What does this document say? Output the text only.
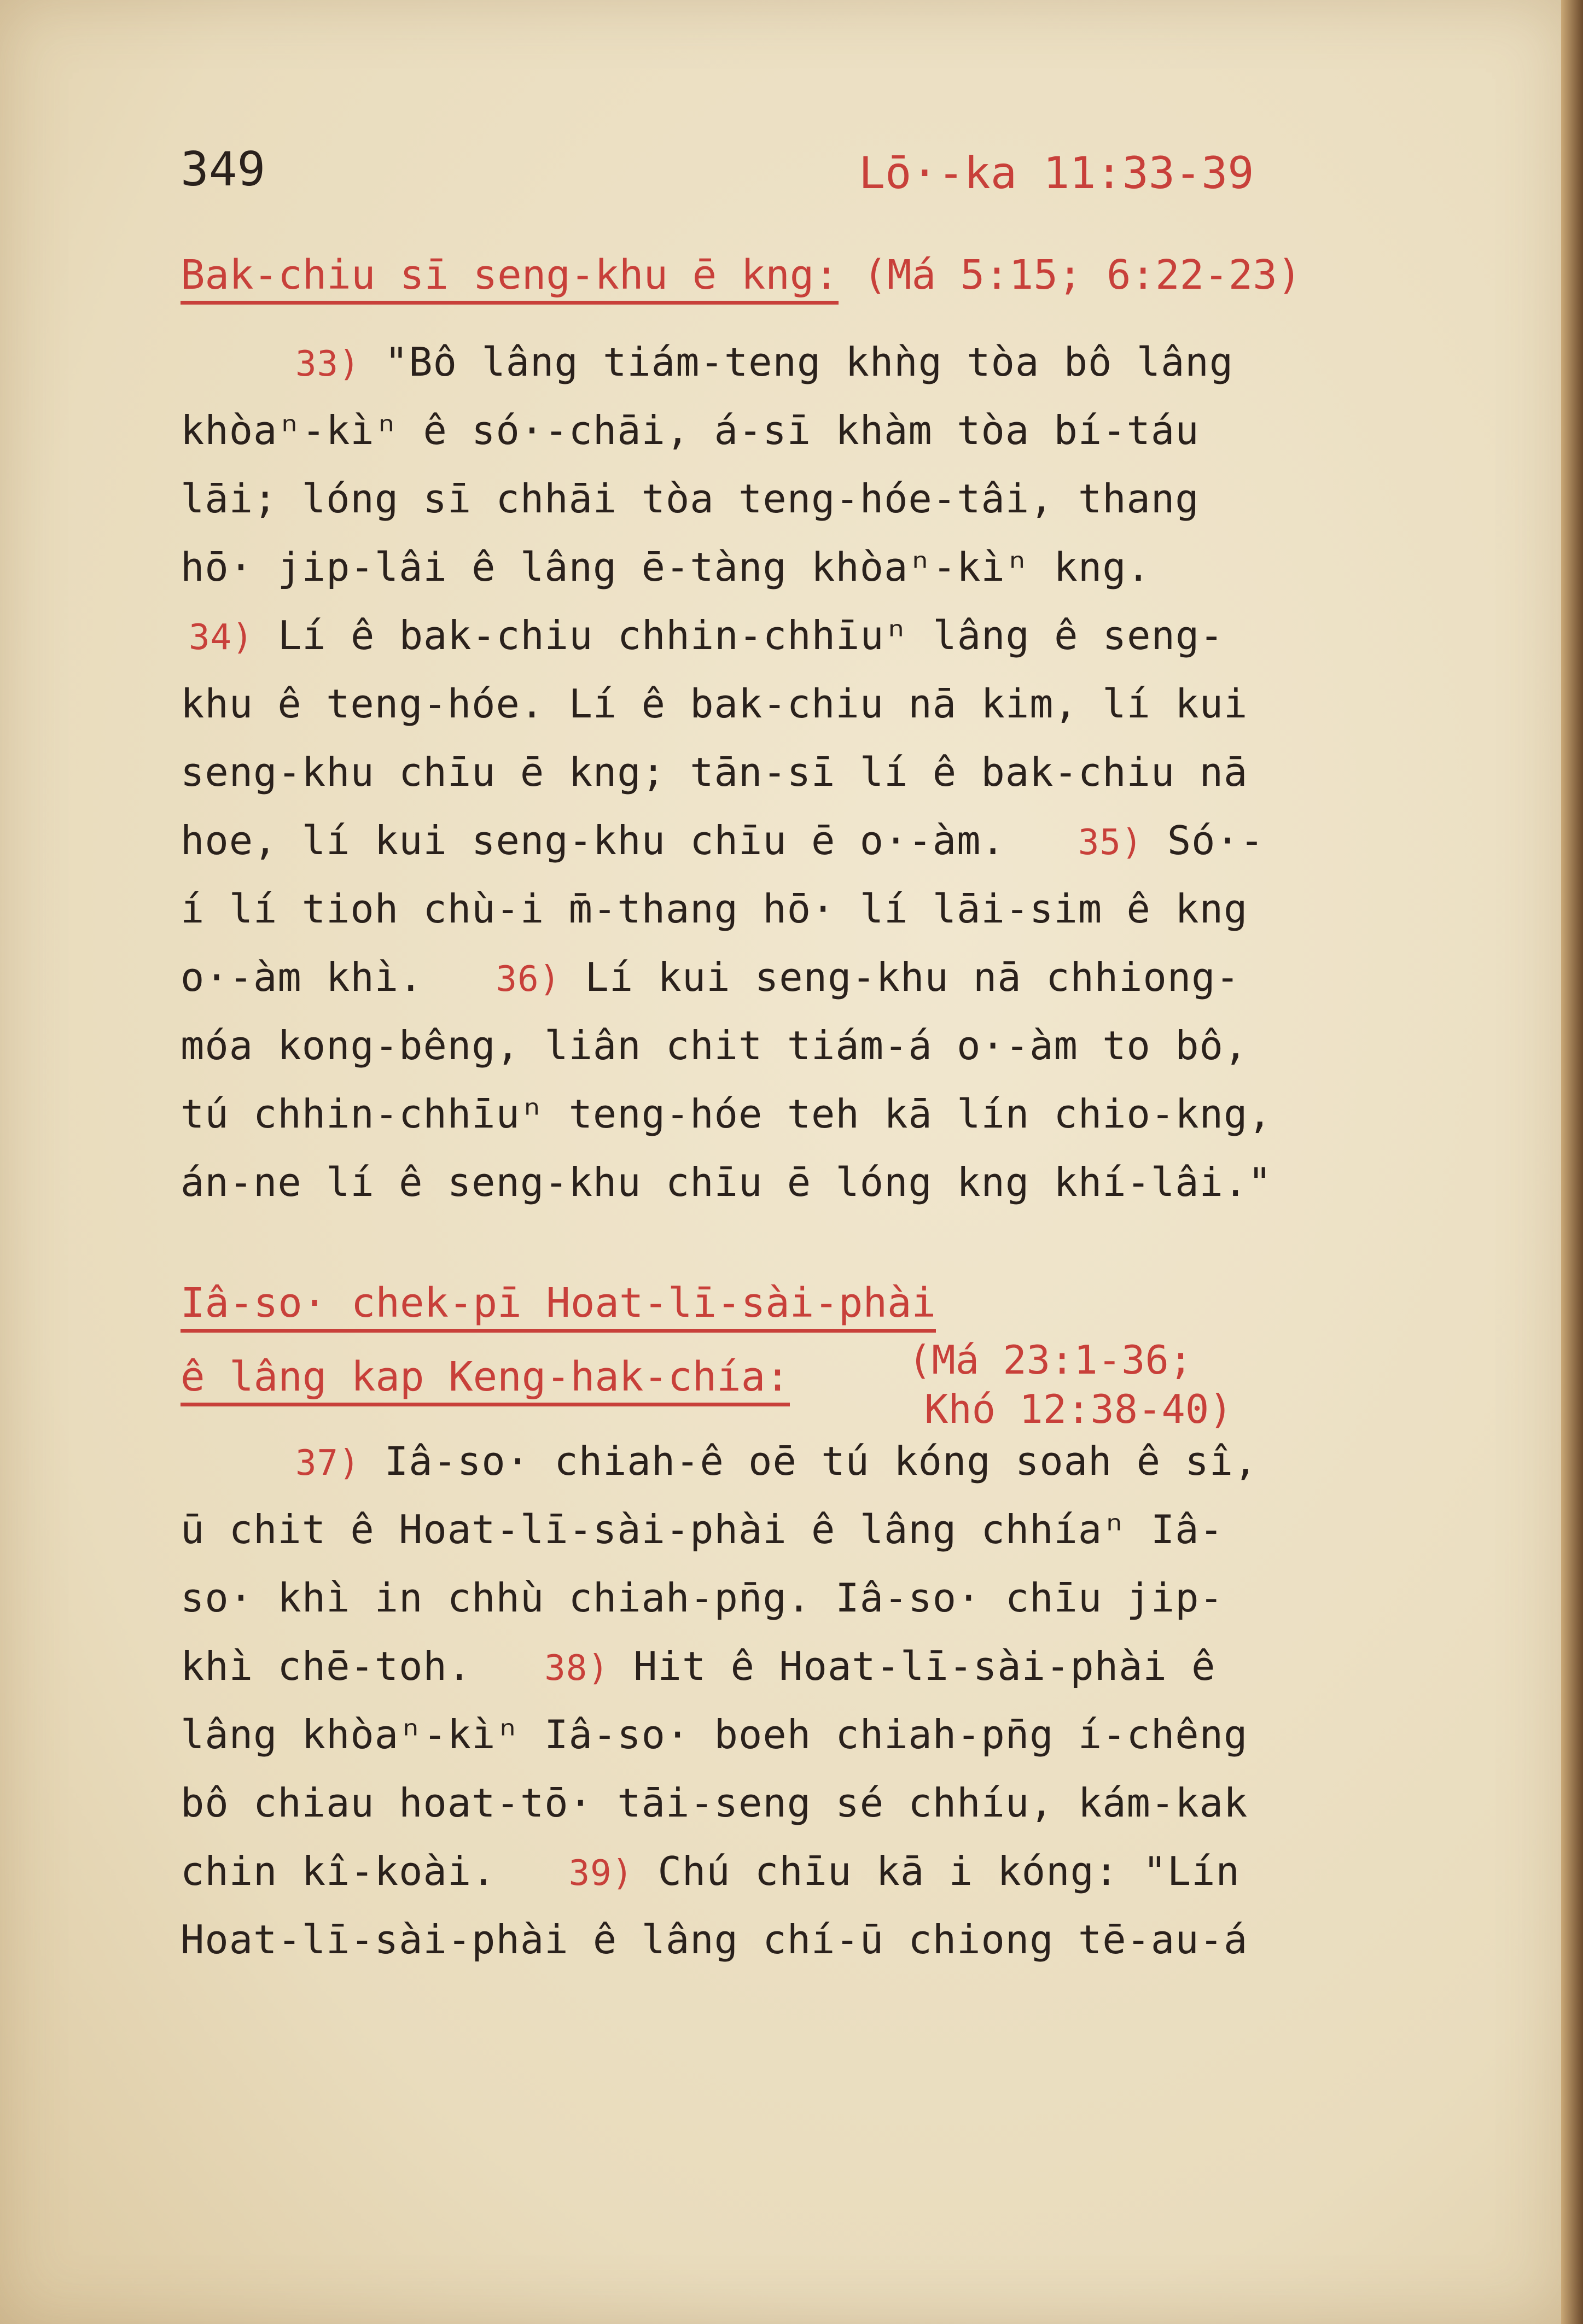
349	Lō·-ka 11:33-39
Bak-chiu sī seng-khu ē kng: (Má 5:15; 6:22-23)
33) "Bô lâng tiám-teng khǹg tòa bô lâng
khòaⁿ-kìⁿ ê só·-chāi, á-sī khàm tòa bí-táu
lāi; lóng sī chhāi tòa teng-hóe-tâi, thang
hō· jip-lâi ê lâng ē-tàng khòaⁿ-kìⁿ kng.
34) Lí ê bak-chiu chhin-chhīuⁿ lâng ê seng-
khu ê teng-hóe. Lí ê bak-chiu nā kim, lí kui
seng-khu chīu ē kng; tān-sī lí ê bak-chiu nā
hoe, lí kui seng-khu chīu ē o·-àm. 35) Só·-
í lí tioh chù-i m̄-thang hō· lí lāi-sim ê kng
o·-àm khì. 36) Lí kui seng-khu nā chhiong-
móa kong-bêng, liân chit tiám-á o·-àm to bô,
tú chhin-chhīuⁿ teng-hóe teh kā lín chio-kng,
án-ne lí ê seng-khu chīu ē lóng kng khí-lâi."
Iâ-so· chek-pī Hoat-lī-sài-phài
ê lâng kap Keng-hak-chía:	(Má 23:1-36;
Khó 12:38-40)
37) Iâ-so· chiah-ê oē tú kóng soah ê sî,
ū chit ê Hoat-lī-sài-phài ê lâng chhíaⁿ Iâ-
so· khì in chhù chiah-pn̄g. Iâ-so· chīu jip-
khì chē-toh. 38) Hit ê Hoat-lī-sài-phài ê
lâng khòaⁿ-kìⁿ Iâ-so· boeh chiah-pn̄g í-chêng
bô chiau hoat-tō· tāi-seng sé chhíu, kám-kak
chin kî-koài. 39) Chú chīu kā i kóng: "Lín
Hoat-lī-sài-phài ê lâng chí-ū chiong tē-au-á
